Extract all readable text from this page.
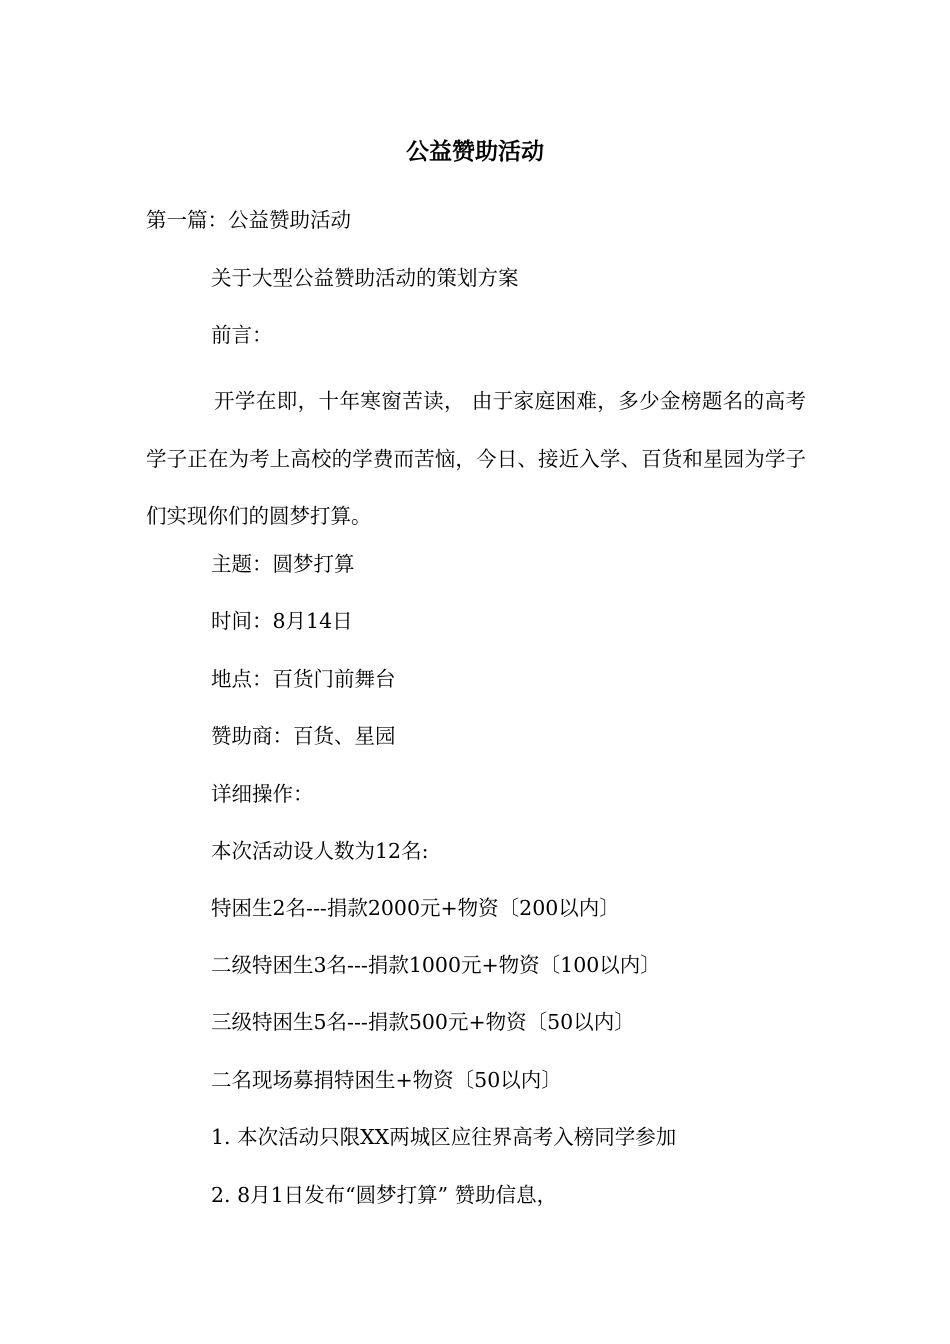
公益赞助活动

第一篇：公益赞助活动

关于大型公益赞助活动的策划方案

前言：

开学在即，十年寒窗苦读， 由于家庭困难，多少金榜题名的高考学子正在为考上高校的学费而苦恼，今日、接近入学、百货和星园为学子们实现你们的圆梦打算。

主题：圆梦打算

时间：8月14日

地点：百货门前舞台

赞助商：百货、星园

详细操作：

本次活动设人数为12名:

特困生2名---捐款2000元+物资〔200以内〕

二级特困生3名---捐款1000元+物资〔100以内〕

三级特困生5名---捐款500元+物资〔50以内〕

二名现场募捐特困生+物资〔50以内〕

1. 本次活动只限XX两城区应往界高考入榜同学参加

2. 8月1日发布“圆梦打算” 赞助信息，
